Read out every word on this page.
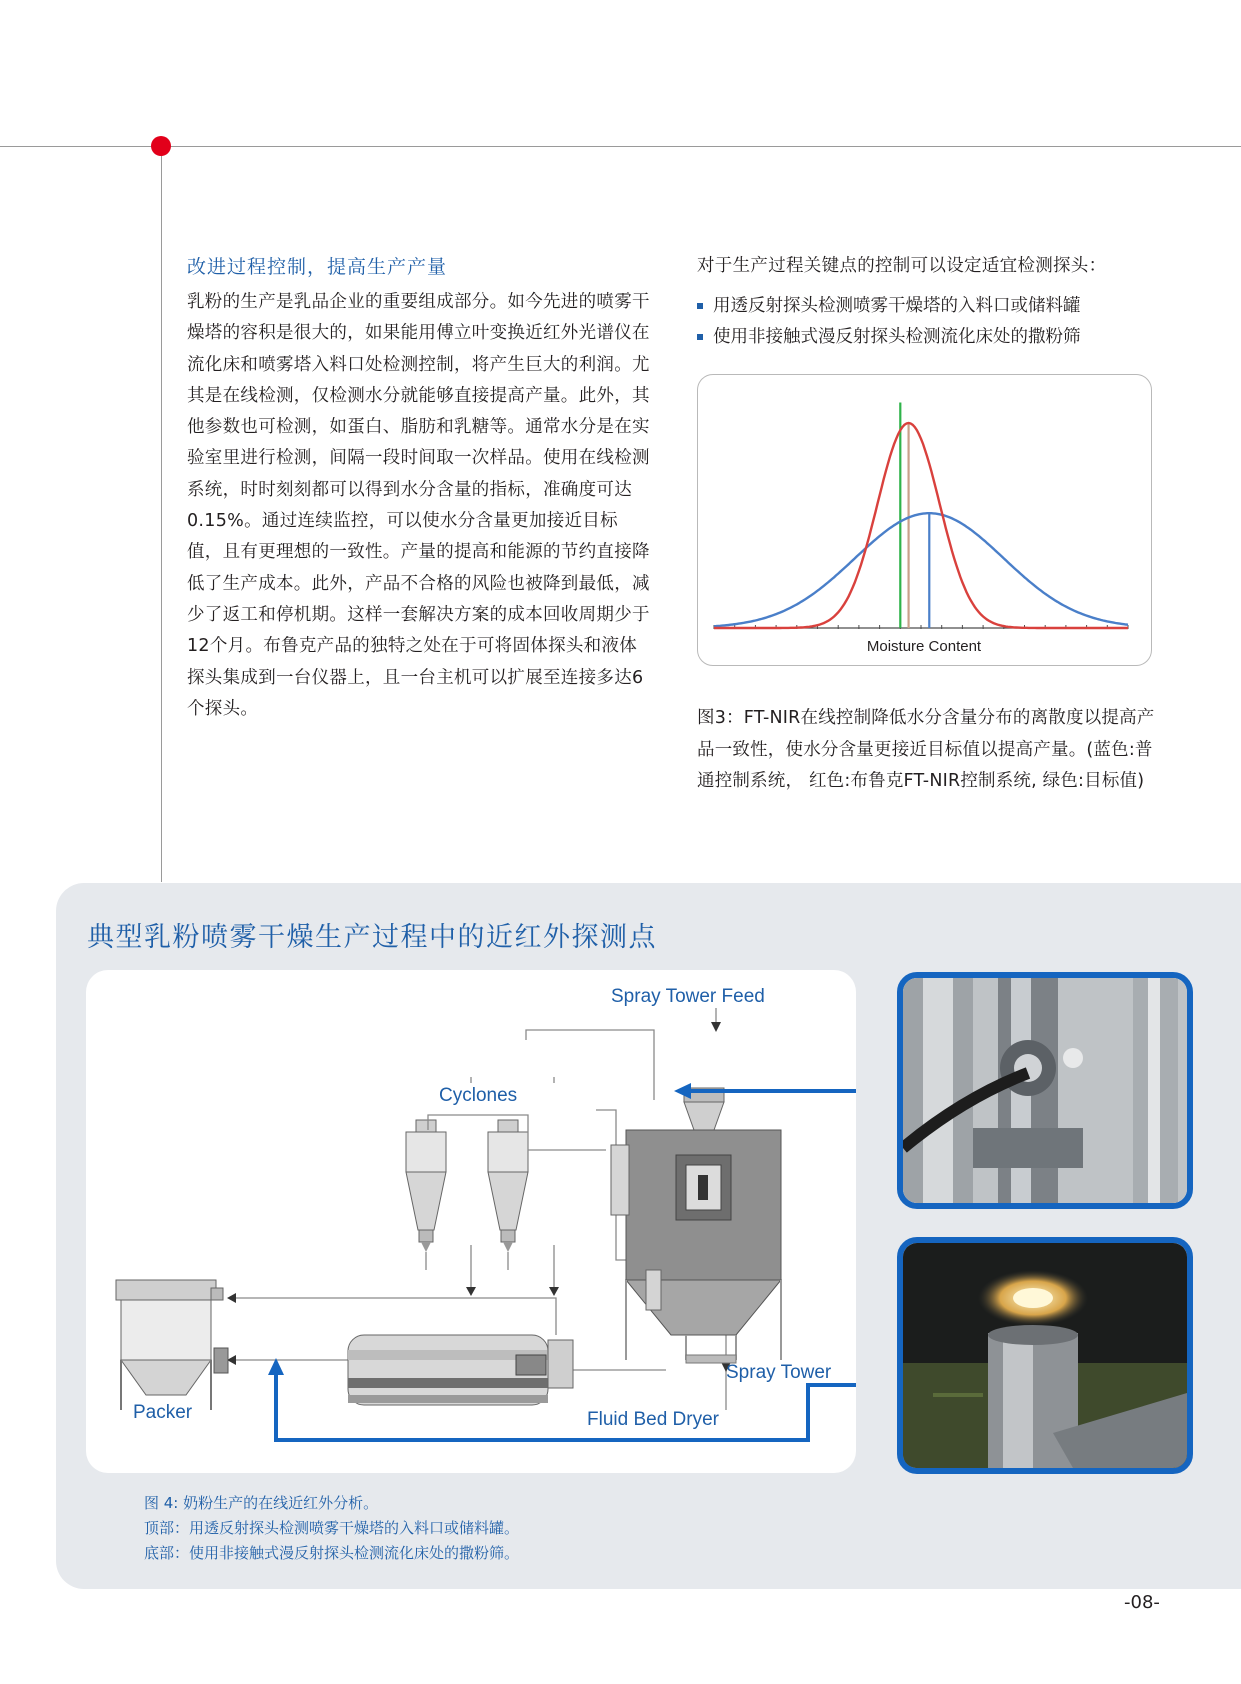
改进过程控制，提高生产产量
乳粉的生产是乳品企业的重要组成部分。如今先进的喷雾干燥塔的容积是很大的，如果能用傅立叶变换近红外光谱仪在流化床和喷雾塔入料口处检测控制，将产生巨大的利润。尤其是在线检测，仅检测水分就能够直接提高产量。此外，其他参数也可检测，如蛋白、脂肪和乳糖等。通常水分是在实验室里进行检测，间隔一段时间取一次样品。使用在线检测系统，时时刻刻都可以得到水分含量的指标，准确度可达0.15%。通过连续监控，可以使水分含量更加接近目标值，且有更理想的一致性。产量的提高和能源的节约直接降低了生产成本。此外，产品不合格的风险也被降到最低，减少了返工和停机期。这样一套解决方案的成本回收周期少于12个月。布鲁克产品的独特之处在于可将固体探头和液体探头集成到一台仪器上，且一台主机可以扩展至连接多达6个探头。
对于生产过程关键点的控制可以设定适宜检测探头：
用透反射探头检测喷雾干燥塔的入料口或储料罐
使用非接触式漫反射探头检测流化床处的撒粉筛
Moisture Content
图3：FT-NIR在线控制降低水分含量分布的离散度以提高产品一致性，使水分含量更接近目标值以提高产量。(蓝色:普通控制系统， 红色:布鲁克FT-NIR控制系统, 绿色:目标值)
典型乳粉喷雾干燥生产过程中的近红外探测点
Spray Tower Feed
Cyclones
Spray Tower
Packer	Fluid Bed Dryer
图 4: 奶粉生产的在线近红外分析。
顶部：用透反射探头检测喷雾干燥塔的入料口或储料罐。
底部：使用非接触式漫反射探头检测流化床处的撒粉筛。
-08-
